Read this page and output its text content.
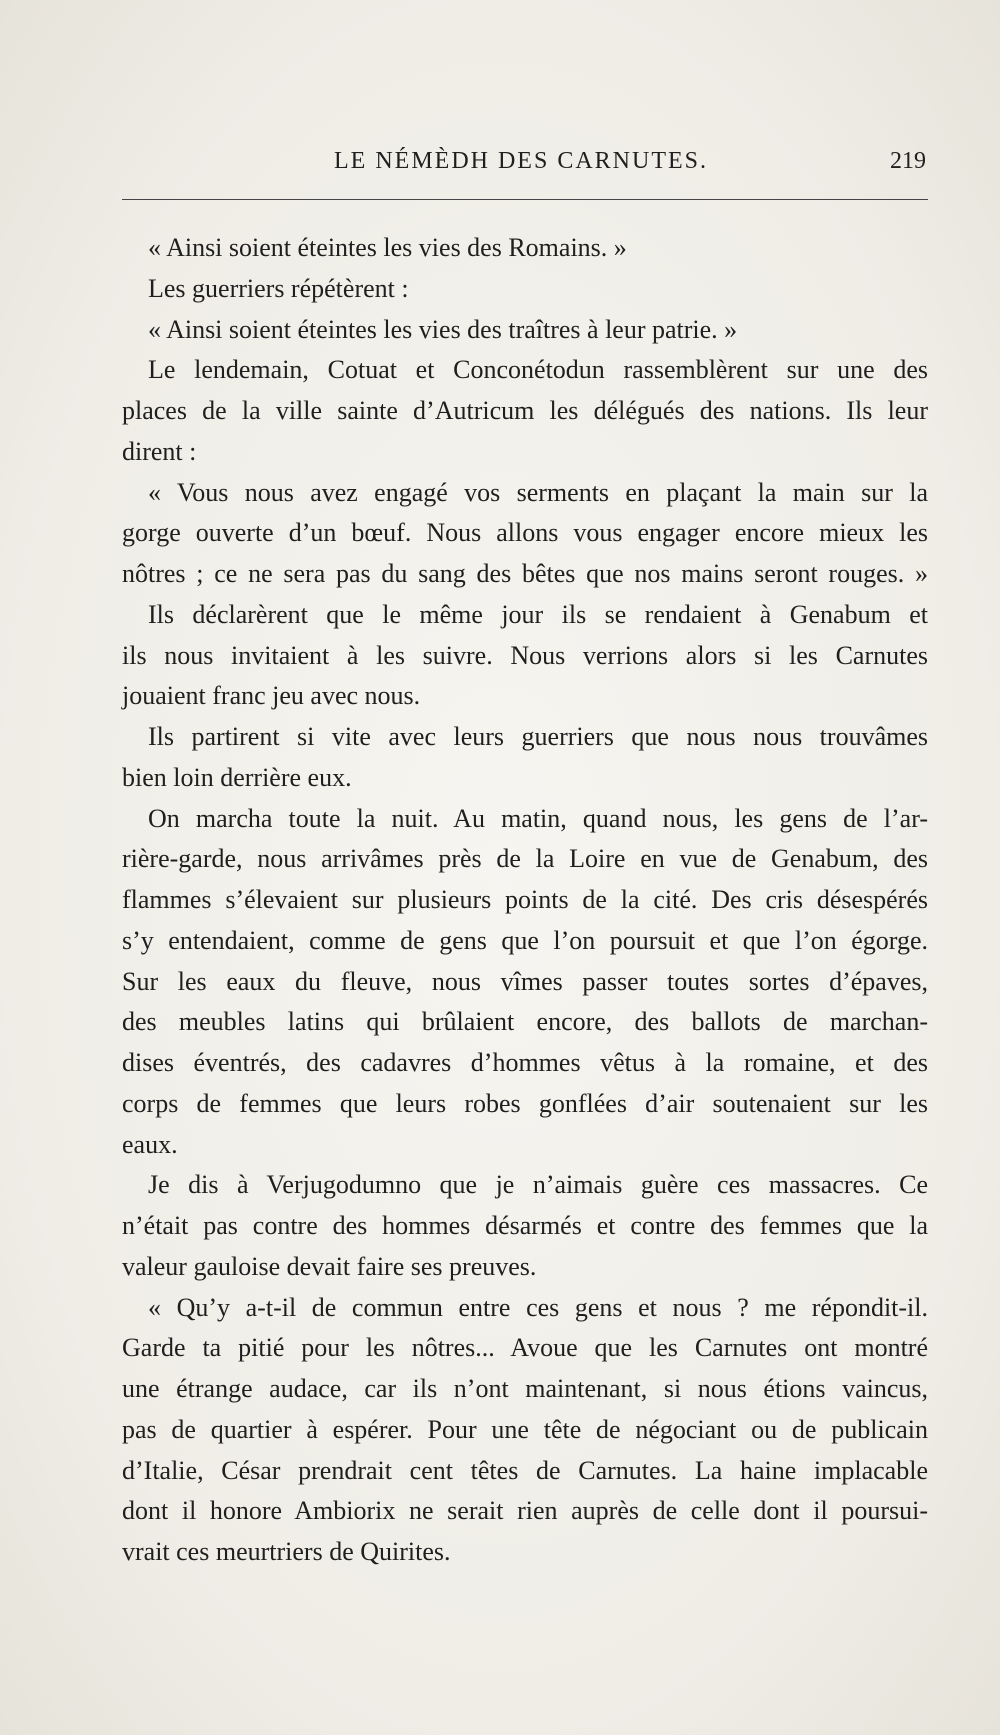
LE NÉMÈDH DES CARNUTES.	219
« Ainsi soient éteintes les vies des Romains. »
Les guerriers répétèrent :
« Ainsi soient éteintes les vies des traîtres à leur patrie. »
Le lendemain, Cotuat et Conconétodun rassemblèrent sur une des
places de la ville sainte d’Autricum les délégués des nations. Ils leur
dirent :
« Vous nous avez engagé vos serments en plaçant la main sur la
gorge ouverte d’un bœuf. Nous allons vous engager encore mieux les
nôtres ; ce ne sera pas du sang des bêtes que nos mains seront rouges. »
Ils déclarèrent que le même jour ils se rendaient à Genabum et
ils nous invitaient à les suivre. Nous verrions alors si les Carnutes
jouaient franc jeu avec nous.
Ils partirent si vite avec leurs guerriers que nous nous trouvâmes
bien loin derrière eux.
On marcha toute la nuit. Au matin, quand nous, les gens de l’ar-
rière-garde, nous arrivâmes près de la Loire en vue de Genabum, des
flammes s’élevaient sur plusieurs points de la cité. Des cris désespérés
s’y entendaient, comme de gens que l’on poursuit et que l’on égorge.
Sur les eaux du fleuve, nous vîmes passer toutes sortes d’épaves,
des meubles latins qui brûlaient encore, des ballots de marchan-
dises éventrés, des cadavres d’hommes vêtus à la romaine, et des
corps de femmes que leurs robes gonflées d’air soutenaient sur les
eaux.
Je dis à Verjugodumno que je n’aimais guère ces massacres. Ce
n’était pas contre des hommes désarmés et contre des femmes que la
valeur gauloise devait faire ses preuves.
« Qu’y a-t-il de commun entre ces gens et nous ? me répondit-il.
Garde ta pitié pour les nôtres... Avoue que les Carnutes ont montré
une étrange audace, car ils n’ont maintenant, si nous étions vaincus,
pas de quartier à espérer. Pour une tête de négociant ou de publicain
d’Italie, César prendrait cent têtes de Carnutes. La haine implacable
dont il honore Ambiorix ne serait rien auprès de celle dont il poursui-
vrait ces meurtriers de Quirites.
